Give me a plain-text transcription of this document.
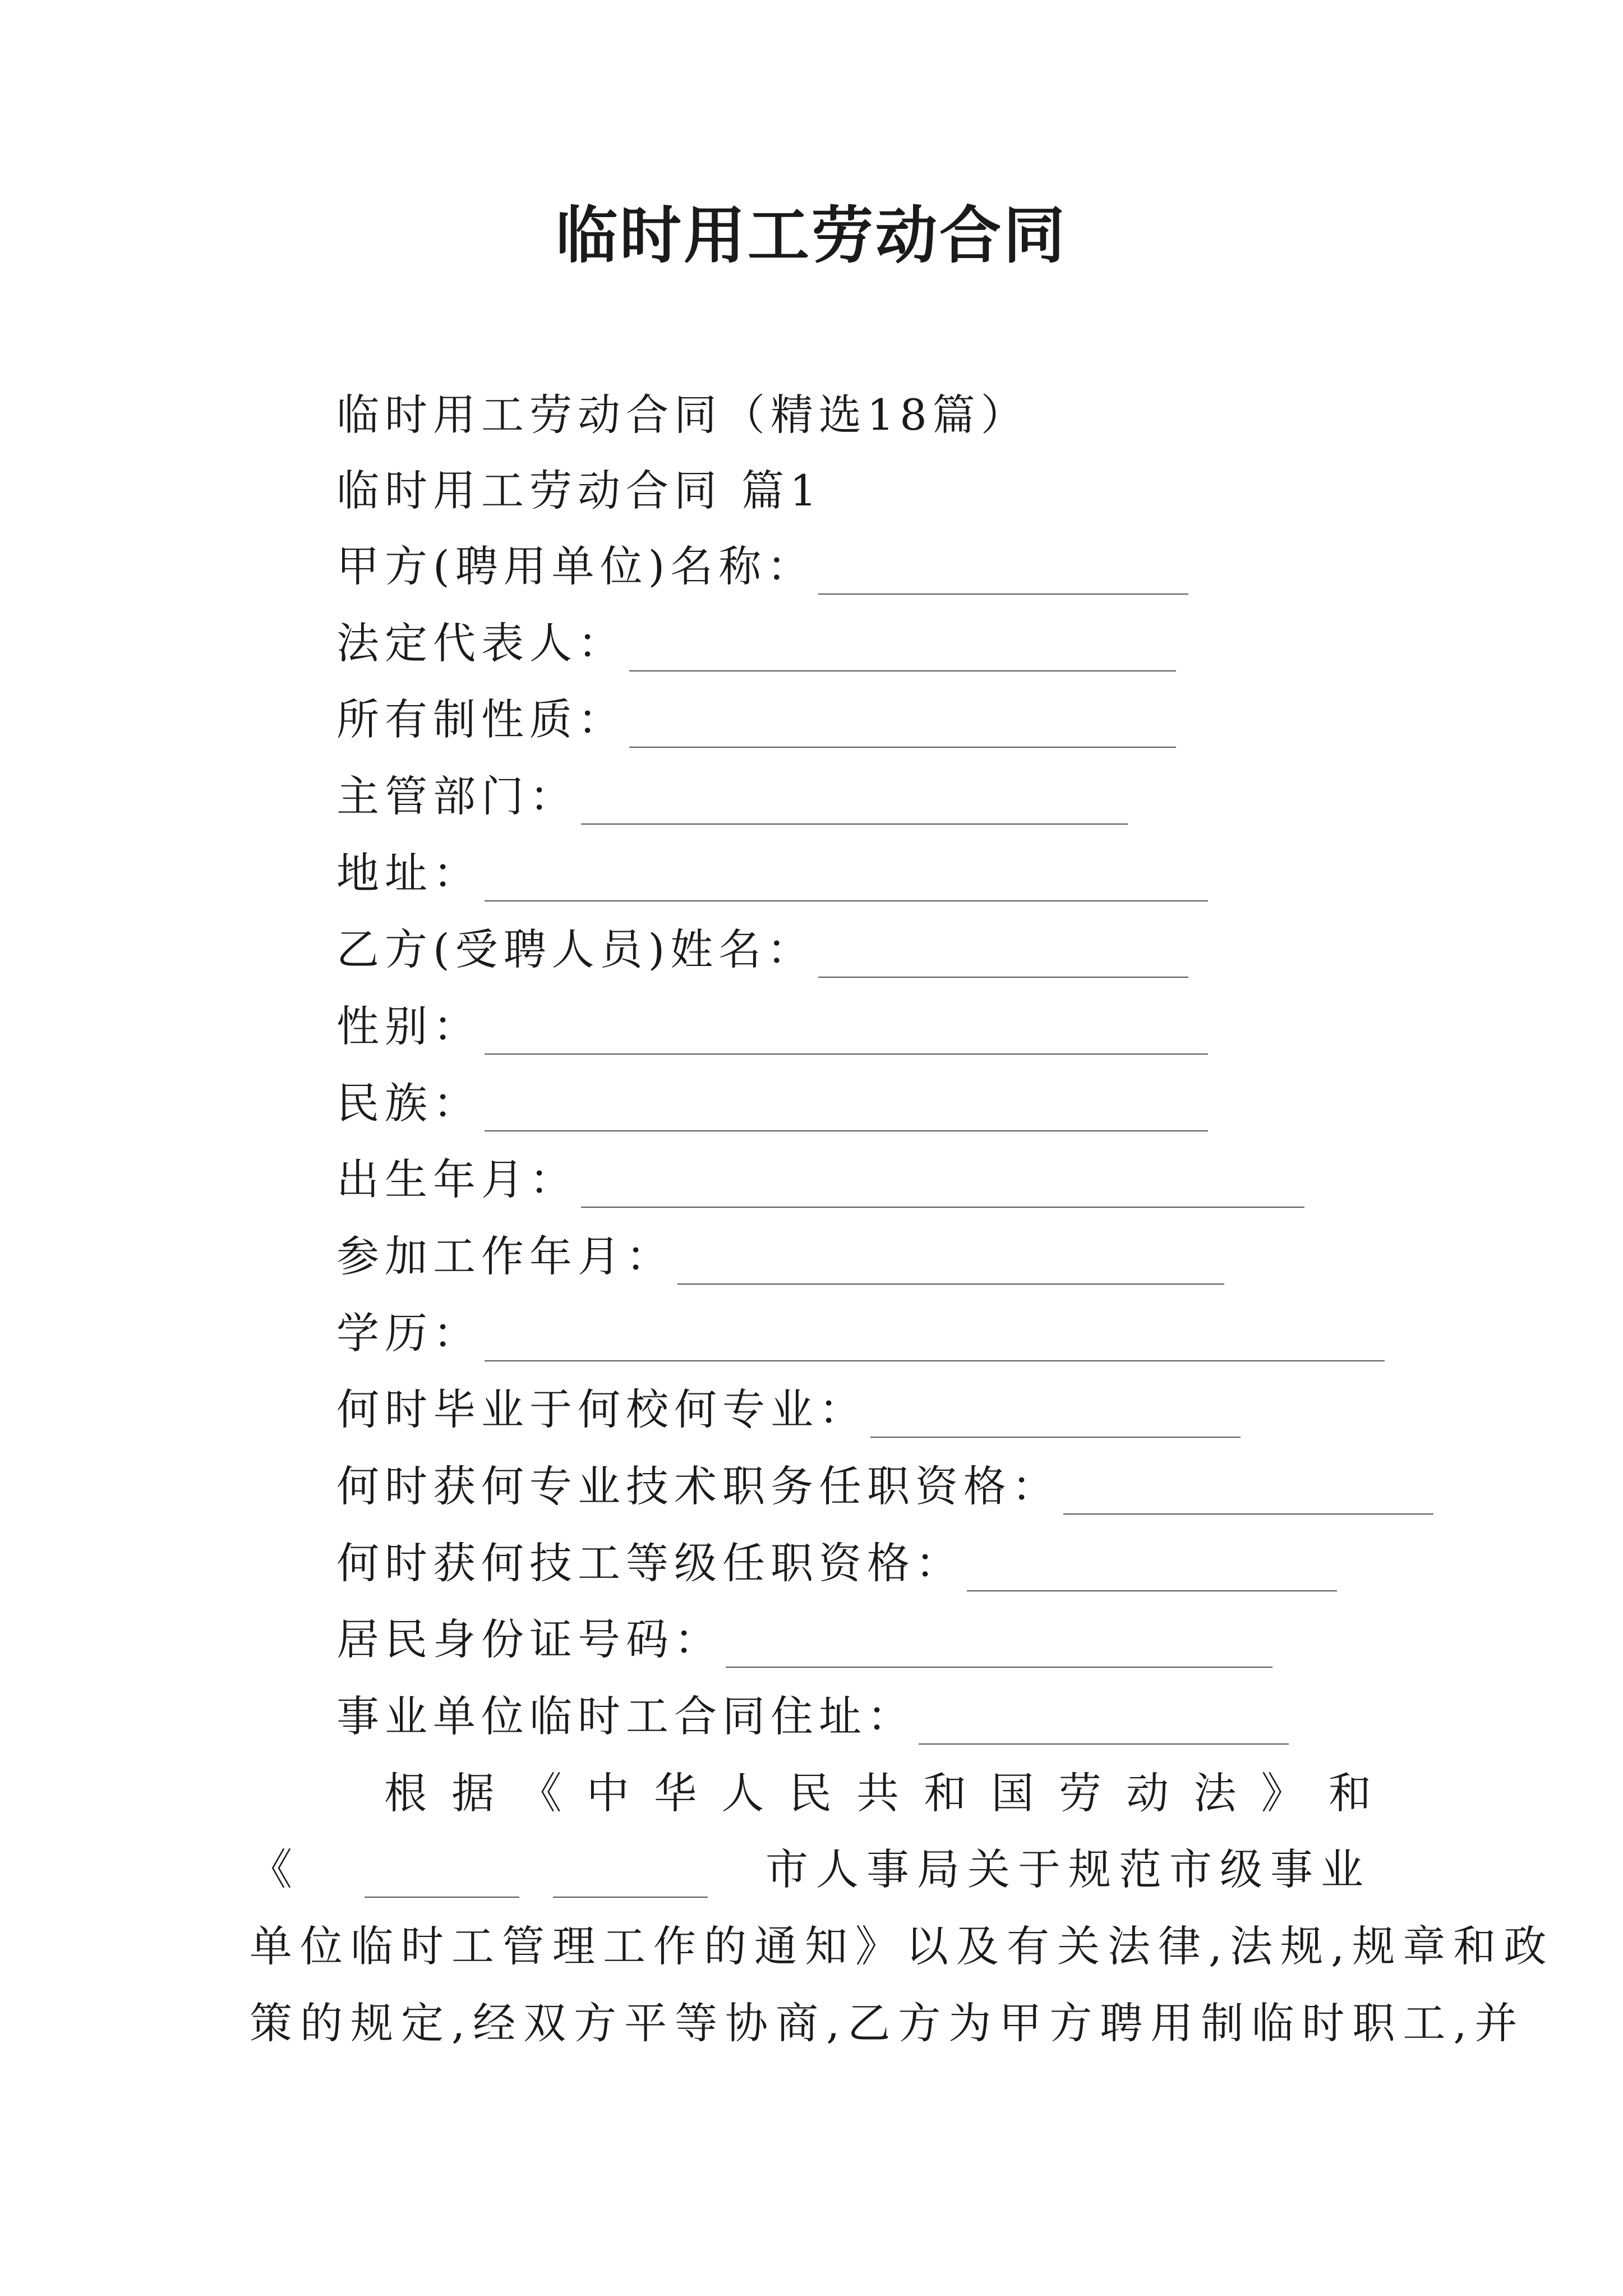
临时用工劳动合同
临时用工劳动合同（精选18篇）
临时用工劳动合同 篇1
甲方(聘用单位)名称：
法定代表人：
所有制性质：
主管部门：
地址：
乙方(受聘人员)姓名：
性别：
民族：
出生年月：
参加工作年月：
学历：
何时毕业于何校何专业：
何时获何专业技术职务任职资格：
何时获何技工等级任职资格：
居民身份证号码：
事业单位临时工合同住址：
根 据 《 中 华 人 民 共 和 国 劳 动 法 》 和
《	市人事局关于规范市级事业
单位临时工管理工作的通知》以及有关法律,法规,规章和政
策的规定,经双方平等协商,乙方为甲方聘用制临时职工,并
